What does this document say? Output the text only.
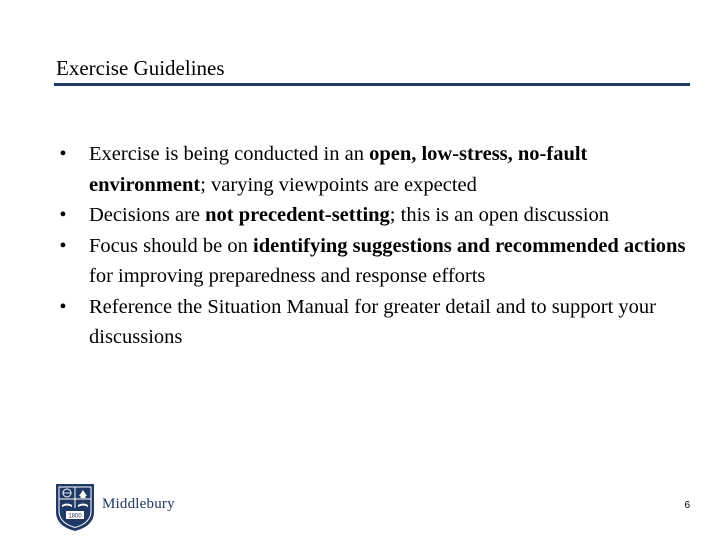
Exercise Guidelines
• Exercise is being conducted in an open, low-stress, no-fault environment; varying viewpoints are expected
• Decisions are not precedent-setting; this is an open discussion
• Focus should be on identifying suggestions and recommended actions for improving preparedness and response efforts
• Reference the Situation Manual for greater detail and to support your discussions
1800
Middlebury	6
